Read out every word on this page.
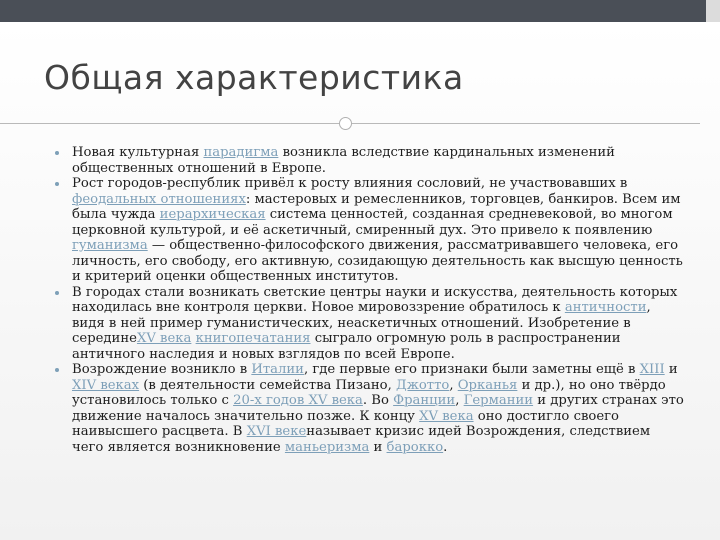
Общая характеристика

Новая культурная парадигма возникла вследствие кардинальных изменений общественных отношений в Европе.

Рост городов-республик привёл к росту влияния сословий, не участвовавших в феодальных отношениях: мастеровых и ремесленников, торговцев, банкиров. Всем им была чужда иерархическая система ценностей, созданная средневековой, во многом церковной культурой, и её аскетичный, смиренный дух. Это привело к появлению гуманизма — общественно-философского движения, рассматривавшего человека, его личность, его свободу, его активную, созидающую деятельность как высшую ценность и критерий оценки общественных институтов.

В городах стали возникать светские центры науки и искусства, деятельность которых находилась вне контроля церкви. Новое мировоззрение обратилось к античности, видя в ней пример гуманистических, неаскетичных отношений. Изобретение в серединеXV века книгопечатания сыграло огромную роль в распространении античного наследия и новых взглядов по всей Европе.

Возрождение возникло в Италии, где первые его признаки были заметны ещё в XIII и XIV веках (в деятельности семейства Пизано, Джотто, Орканья и др.), но оно твёрдо установилось только с 20-х годов XV века. Во Франции, Германии и других странах это движение началось значительно позже. К концу XV века оно достигло своего наивысшего расцвета. В XVI векеназывает кризис идей Возрождения, следствием чего является возникновение маньеризма и барокко.
